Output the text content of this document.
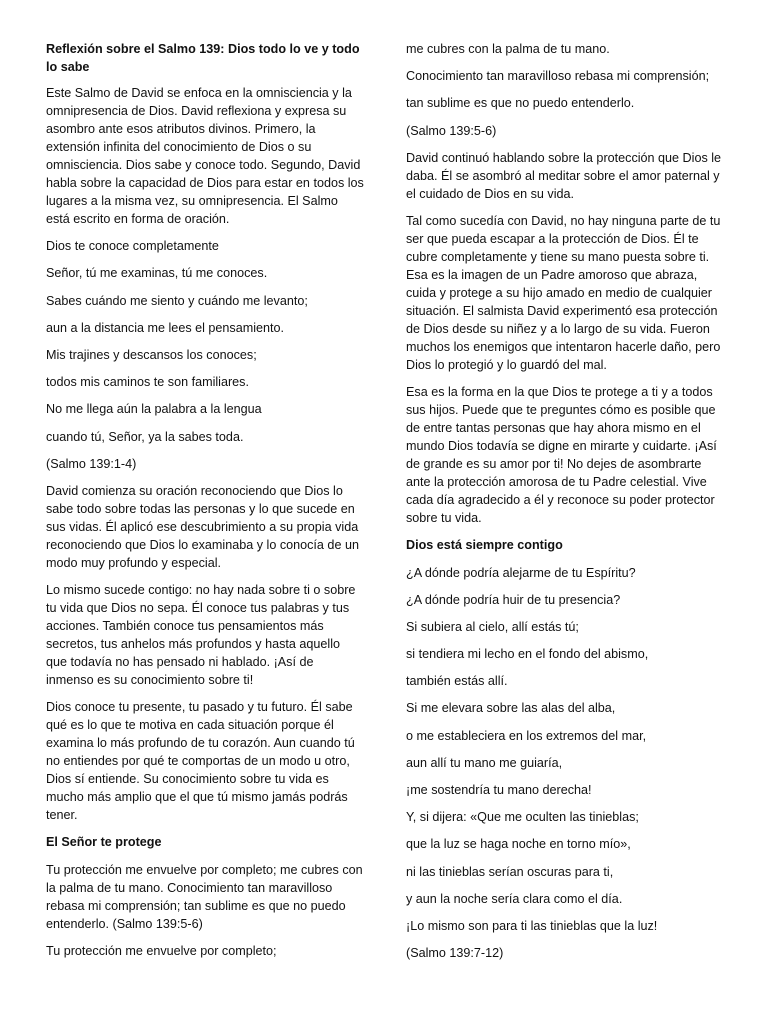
Reflexión sobre el Salmo 139: Dios todo lo ve y todo lo sabe

Este Salmo de David se enfoca en la omnisciencia y la omnipresencia de Dios. David reflexiona y expresa su asombro ante esos atributos divinos. Primero, la extensión infinita del conocimiento de Dios o su omnisciencia. Dios sabe y conoce todo. Segundo, David habla sobre la capacidad de Dios para estar en todos los lugares a la misma vez, su omnipresencia. El Salmo está escrito en forma de oración.

Dios te conoce completamente

Señor, tú me examinas, tú me conoces.

Sabes cuándo me siento y cuándo me levanto;

aun a la distancia me lees el pensamiento.

Mis trajines y descansos los conoces;

todos mis caminos te son familiares.

No me llega aún la palabra a la lengua

cuando tú, Señor, ya la sabes toda.

(Salmo 139:1-4)

David comienza su oración reconociendo que Dios lo sabe todo sobre todas las personas y lo que sucede en sus vidas. Él aplicó ese descubrimiento a su propia vida reconociendo que Dios lo examinaba y lo conocía de un modo muy profundo y especial.

Lo mismo sucede contigo: no hay nada sobre ti o sobre tu vida que Dios no sepa. Él conoce tus palabras y tus acciones. También conoce tus pensamientos más secretos, tus anhelos más profundos y hasta aquello que todavía no has pensado ni hablado. ¡Así de inmenso es su conocimiento sobre ti!

Dios conoce tu presente, tu pasado y tu futuro. Él sabe qué es lo que te motiva en cada situación porque él examina lo más profundo de tu corazón. Aun cuando tú no entiendes por qué te comportas de un modo u otro, Dios sí entiende. Su conocimiento sobre tu vida es mucho más amplio que el que tú mismo jamás podrás tener.

El Señor te protege

Tu protección me envuelve por completo; me cubres con la palma de tu mano. Conocimiento tan maravilloso rebasa mi comprensión; tan sublime es que no puedo entenderlo. (Salmo 139:5-6)

Tu protección me envuelve por completo;

me cubres con la palma de tu mano.

Conocimiento tan maravilloso rebasa mi comprensión;

tan sublime es que no puedo entenderlo.

(Salmo 139:5-6)

David continuó hablando sobre la protección que Dios le daba. Él se asombró al meditar sobre el amor paternal y el cuidado de Dios en su vida.

Tal como sucedía con David, no hay ninguna parte de tu ser que pueda escapar a la protección de Dios. Él te cubre completamente y tiene su mano puesta sobre ti. Esa es la imagen de un Padre amoroso que abraza, cuida y protege a su hijo amado en medio de cualquier situación. El salmista David experimentó esa protección de Dios desde su niñez y a lo largo de su vida. Fueron muchos los enemigos que intentaron hacerle daño, pero Dios lo protegió y lo guardó del mal.

Esa es la forma en la que Dios te protege a ti y a todos sus hijos. Puede que te preguntes cómo es posible que de entre tantas personas que hay ahora mismo en el mundo Dios todavía se digne en mirarte y cuidarte. ¡Así de grande es su amor por ti! No dejes de asombrarte ante la protección amorosa de tu Padre celestial. Vive cada día agradecido a él y reconoce su poder protector sobre tu vida.

Dios está siempre contigo

¿A dónde podría alejarme de tu Espíritu?

¿A dónde podría huir de tu presencia?

Si subiera al cielo, allí estás tú;

si tendiera mi lecho en el fondo del abismo,

también estás allí.

Si me elevara sobre las alas del alba,

o me estableciera en los extremos del mar,

aun allí tu mano me guiaría,

¡me sostendría tu mano derecha!

Y, si dijera: «Que me oculten las tinieblas;

que la luz se haga noche en torno mío»,

ni las tinieblas serían oscuras para ti,

y aun la noche sería clara como el día.

¡Lo mismo son para ti las tinieblas que la luz!

(Salmo 139:7-12)
